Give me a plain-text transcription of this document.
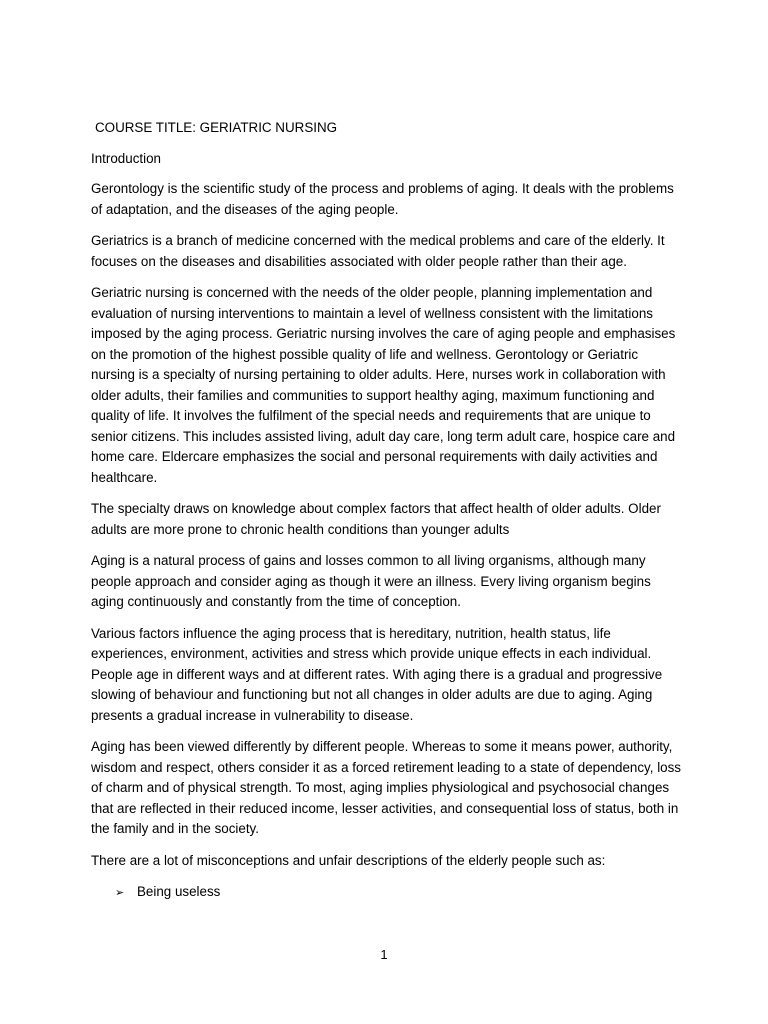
COURSE TITLE: GERIATRIC NURSING

Introduction

Gerontology is the scientific study of the process and problems of aging. It deals with the problems of adaptation, and the diseases of the aging people.

Geriatrics is a branch of medicine concerned with the medical problems and care of the elderly. It focuses on the diseases and disabilities associated with older people rather than their age.

Geriatric nursing is concerned with the needs of the older people, planning implementation and evaluation of nursing interventions to maintain a level of wellness consistent with the limitations imposed by the aging process. Geriatric nursing involves the care of aging people and emphasises on the promotion of the highest possible quality of life and wellness. Gerontology or Geriatric nursing is a specialty of nursing pertaining to older adults. Here, nurses work in collaboration with older adults, their families and communities to support healthy aging, maximum functioning and quality of life. It involves the fulfilment of the special needs and requirements that are unique to senior citizens. This includes assisted living, adult day care, long term adult care, hospice care and home care. Eldercare emphasizes the social and personal requirements with daily activities and healthcare.

The specialty draws on knowledge about complex factors that affect health of older adults. Older adults are more prone to chronic health conditions than younger adults

Aging is a natural process of gains and losses common to all living organisms, although many people approach and consider aging as though it were an illness. Every living organism begins aging continuously and constantly from the time of conception.

Various factors influence the aging process that is hereditary, nutrition, health status, life experiences, environment, activities and stress which provide unique effects in each individual. People age in different ways and at different rates. With aging there is a gradual and progressive slowing of behaviour and functioning but not all changes in older adults are due to aging. Aging presents a gradual increase in vulnerability to disease.

Aging has been viewed differently by different people. Whereas to some it means power, authority, wisdom and respect, others consider it as a forced retirement leading to a state of dependency, loss of charm and of physical strength. To most, aging implies physiological and psychosocial changes that are reflected in their reduced income, lesser activities, and consequential loss of status, both in the family and in the society.

There are a lot of misconceptions and unfair descriptions of the elderly people such as:

➢ Being useless
1
